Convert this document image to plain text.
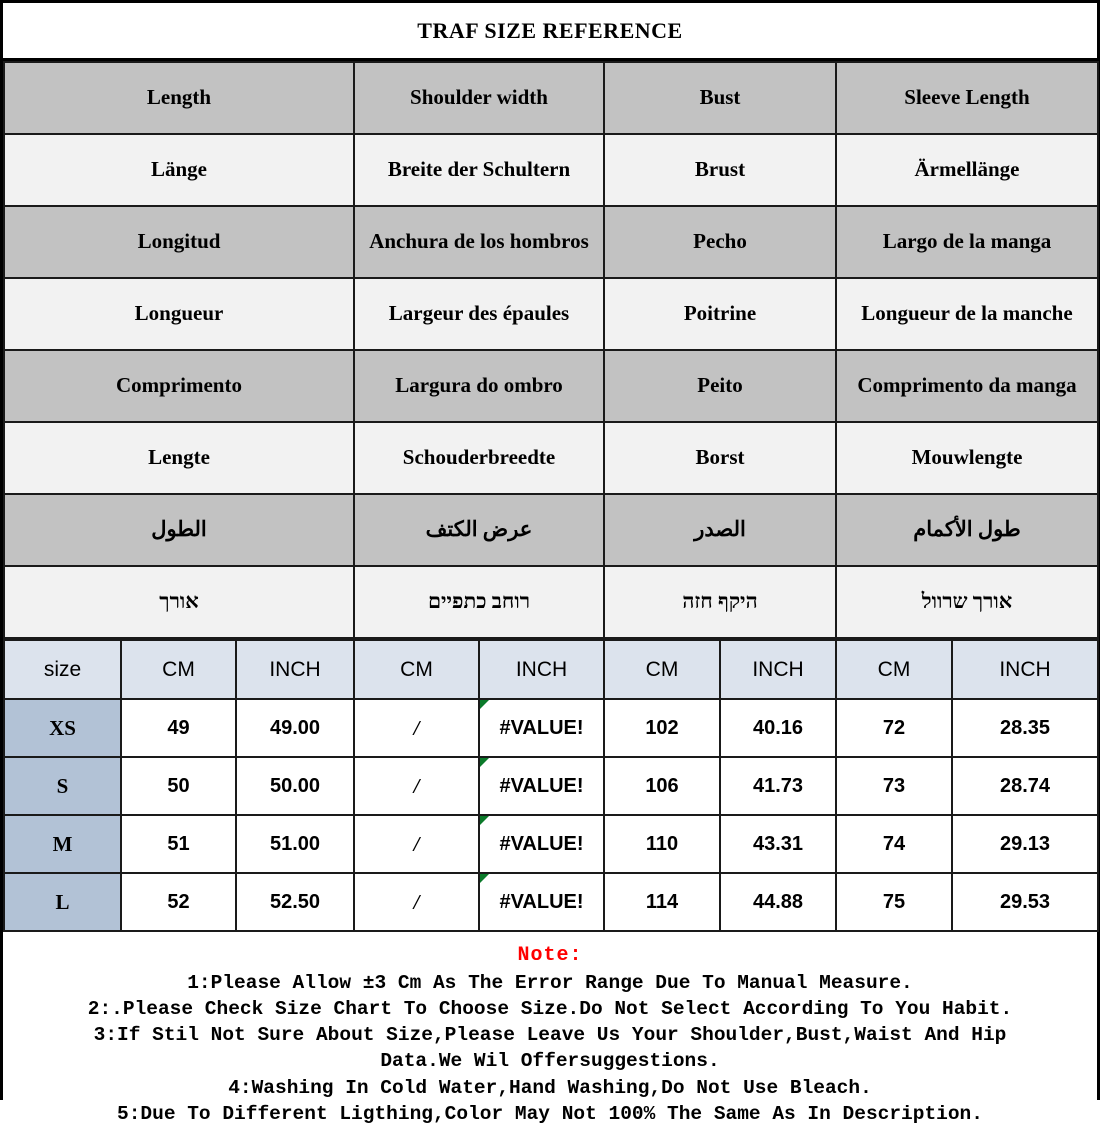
TRAF SIZE REFERENCE
Length	Shoulder width	Bust	Sleeve Length
Länge	Breite der Schultern	Brust	Ärmellänge
Longitud	Anchura de los hombros	Pecho	Largo de la manga
Longueur	Largeur des épaules	Poitrine	Longueur de la manche
Comprimento	Largura do ombro	Peito	Comprimento da manga
Lengte	Schouderbreedte	Borst	Mouwlengte
الطول	عرض الكتف	الصدر	طول الأكمام
אורך	רוחב כתפיים	היקף חזה	אורך שרוול
size	CM	INCH	CM	INCH	CM	INCH	CM	INCH
XS	49	49.00	/	#VALUE!	102	40.16	72	28.35
S	50	50.00	/	#VALUE!	106	41.73	73	28.74
M	51	51.00	/	#VALUE!	110	43.31	74	29.13
L	52	52.50	/	#VALUE!	114	44.88	75	29.53
Note:
1:Please Allow ±3 Cm As The Error Range Due To Manual Measure.
2:.Please Check Size Chart To Choose Size.Do Not Select According To You Habit.
3:If Stil Not Sure About Size,Please Leave Us Your Shoulder,Bust,Waist And Hip
Data.We Wil Offersuggestions.
4:Washing In Cold Water,Hand Washing,Do Not Use Bleach.
5:Due To Different Ligthing,Color May Not 100% The Same As In Description.
